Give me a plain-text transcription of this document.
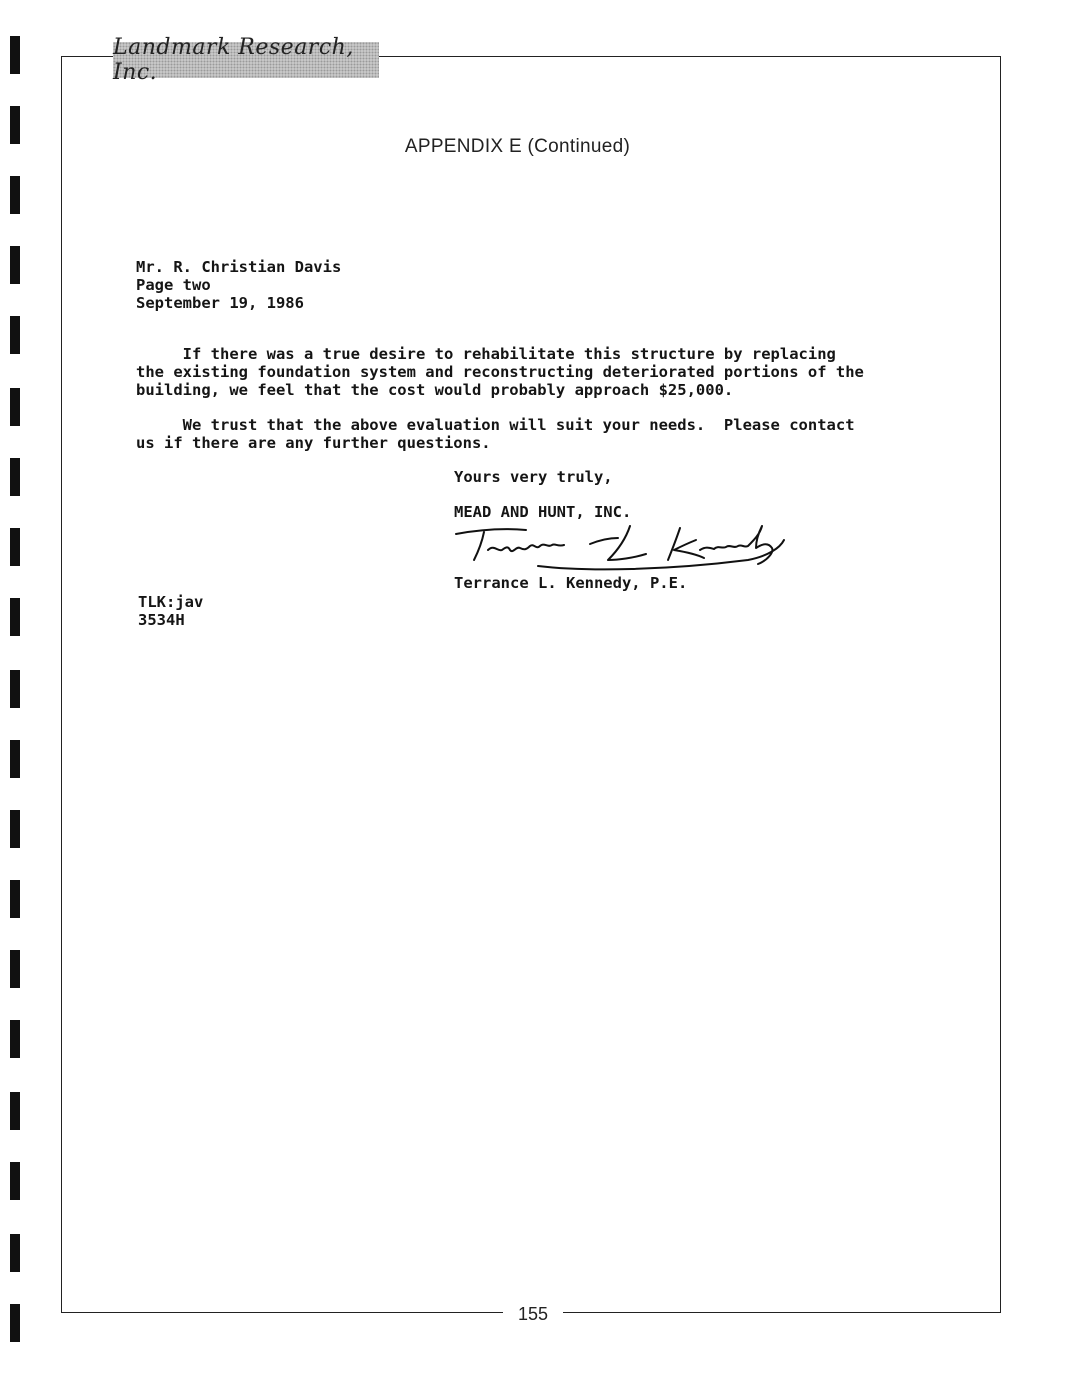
Landmark Research, Inc.
APPENDIX E (Continued)
Mr. R. Christian Davis
Page two
September 19, 1986
If there was a true desire to rehabilitate this structure by replacing
the existing foundation system and reconstructing deteriorated portions of the
building, we feel that the cost would probably approach $25,000.
We trust that the above evaluation will suit your needs.  Please contact
us if there are any further questions.
Yours very truly,
MEAD AND HUNT, INC.
Terrance L. Kennedy, P.E.
TLK:jav
3534H
155
